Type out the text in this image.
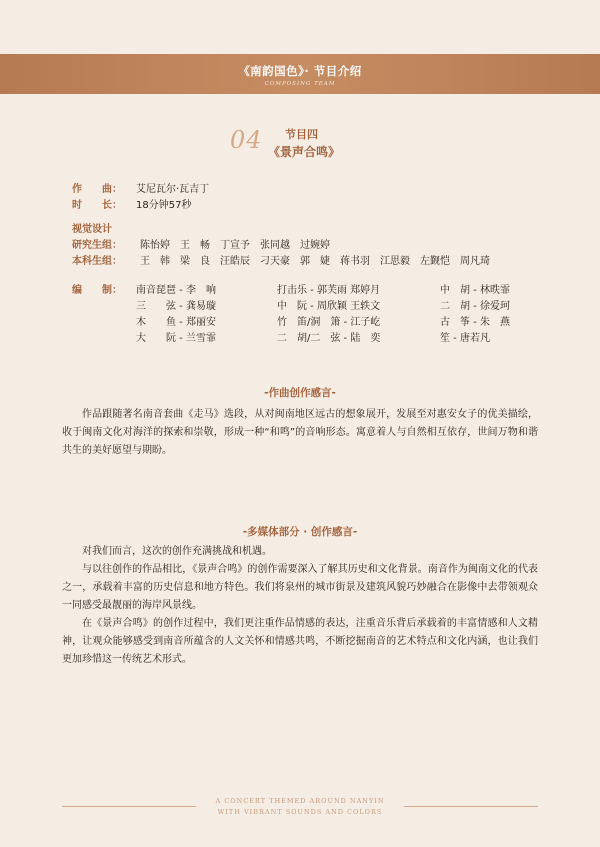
《南韵国色》· 节目介绍
COMPOSING TEAM
04 节目四
《景声合鸣》
作　　曲： 艾尼瓦尔·瓦吉丁
时　　长： 18分钟57秒
视觉设计
研究生组： 陈怡婷　王　畅　丁宣予　张同越　过婉婷
本科生组： 王　韩　梁　良　汪皓辰　刁天豪　郭　婕　蒋书羽　江思毅　左觐恺　周凡琦
编　　制： 南音琵琶 - 李　响	打击乐 - 郭芙雨 郑婷月	中　胡 - 林昳霏
三　　弦 - 龚易璇	中　阮 - 周欣颖 王轶文	二　胡 - 徐爱珂
木　　鱼 - 郑丽安	竹　笛/洞　箫 - 江子屹	古　筝 - 朱　燕
大　　阮 - 兰雪霏	二　胡/二　弦 - 陆　奕	笙 - 唐若凡
-作曲创作感言-
作品跟随著名南音套曲《走马》选段，从对闽南地区远古的想象展开，发展至对惠安女子的优美描绘，收于闽南文化对海洋的探索和崇敬，形成一种“和鸣”的音响形态。寓意着人与自然相互依存，世间万物和谐共生的美好愿望与期盼。
-多媒体部分 · 创作感言-
对我们而言，这次的创作充满挑战和机遇。
与以往创作的作品相比，《景声合鸣》的创作需要深入了解其历史和文化背景。南音作为闽南文化的代表之一，承载着丰富的历史信息和地方特色。我们将泉州的城市街景及建筑风貌巧妙融合在影像中去带领观众一同感受最靓丽的海岸风景线。
在《景声合鸣》的创作过程中，我们更注重作品情感的表达，注重音乐背后承载着的丰富情感和人文精神，让观众能够感受到南音所蕴含的人文关怀和情感共鸣，不断挖掘南音的艺术特点和文化内涵，也让我们更加珍惜这一传统艺术形式。
A CONCERT THEMED AROUND NANYIN
WITH VIBRANT SOUNDS AND COLORS
